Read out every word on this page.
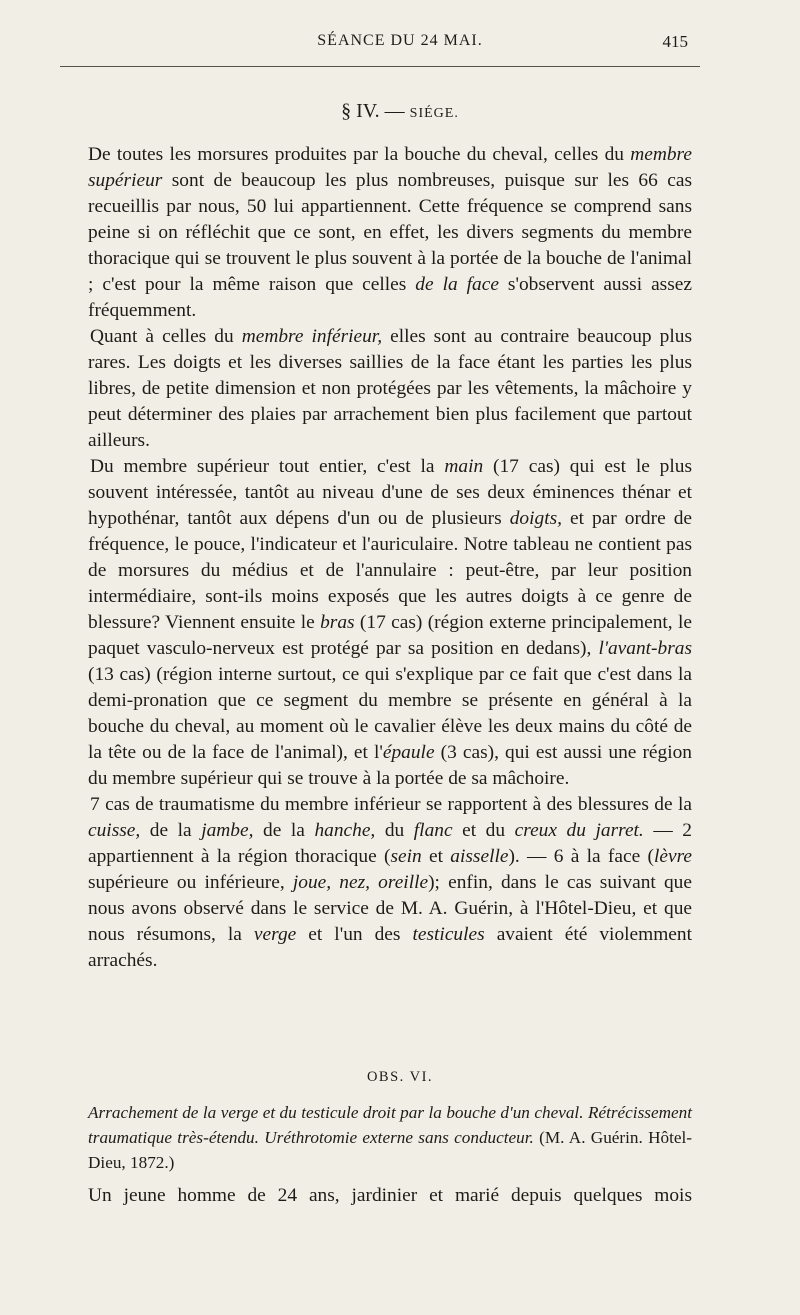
SÉANCE DU 24 MAI.	415
§ IV. — SIÉGE.

De toutes les morsures produites par la bouche du cheval, celles du membre supérieur sont de beaucoup les plus nombreuses, puisque sur les 66 cas recueillis par nous, 50 lui appartiennent. Cette fréquence se comprend sans peine si on réfléchit que ce sont, en effet, les divers segments du membre thoracique qui se trouvent le plus souvent à la portée de la bouche de l'animal ; c'est pour la même raison que celles de la face s'observent aussi assez fréquemment.

Quant à celles du membre inférieur, elles sont au contraire beaucoup plus rares. Les doigts et les diverses saillies de la face étant les parties les plus libres, de petite dimension et non protégées par les vêtements, la mâchoire y peut déterminer des plaies par arrachement bien plus facilement que partout ailleurs.

Du membre supérieur tout entier, c'est la main (17 cas) qui est le plus souvent intéressée, tantôt au niveau d'une de ses deux éminences thénar et hypothénar, tantôt aux dépens d'un ou de plusieurs doigts, et par ordre de fréquence, le pouce, l'indicateur et l'auriculaire. Notre tableau ne contient pas de morsures du médius et de l'annulaire : peut-être, par leur position intermédiaire, sont-ils moins exposés que les autres doigts à ce genre de blessure? Viennent ensuite le bras (17 cas) (région externe principalement, le paquet vasculo-nerveux est protégé par sa position en dedans), l'avant-bras (13 cas) (région interne surtout, ce qui s'explique par ce fait que c'est dans la demi-pronation que ce segment du membre se présente en général à la bouche du cheval, au moment où le cavalier élève les deux mains du côté de la tête ou de la face de l'animal), et l'épaule (3 cas), qui est aussi une région du membre supérieur qui se trouve à la portée de sa mâchoire.

7 cas de traumatisme du membre inférieur se rapportent à des blessures de la cuisse, de la jambe, de la hanche, du flanc et du creux du jarret. — 2 appartiennent à la région thoracique (sein et aisselle). — 6 à la face (lèvre supérieure ou inférieure, joue, nez, oreille); enfin, dans le cas suivant que nous avons observé dans le service de M. A. Guérin, à l'Hôtel-Dieu, et que nous résumons, la verge et l'un des testicules avaient été violemment arrachés.

OBS. VI.
Arrachement de la verge et du testicule droit par la bouche d'un cheval. Rétrécissement traumatique très-étendu. Uréthrotomie externe sans conducteur. (M. A. Guérin. Hôtel-Dieu, 1872.)
Un jeune homme de 24 ans, jardinier et marié depuis quelques mois
